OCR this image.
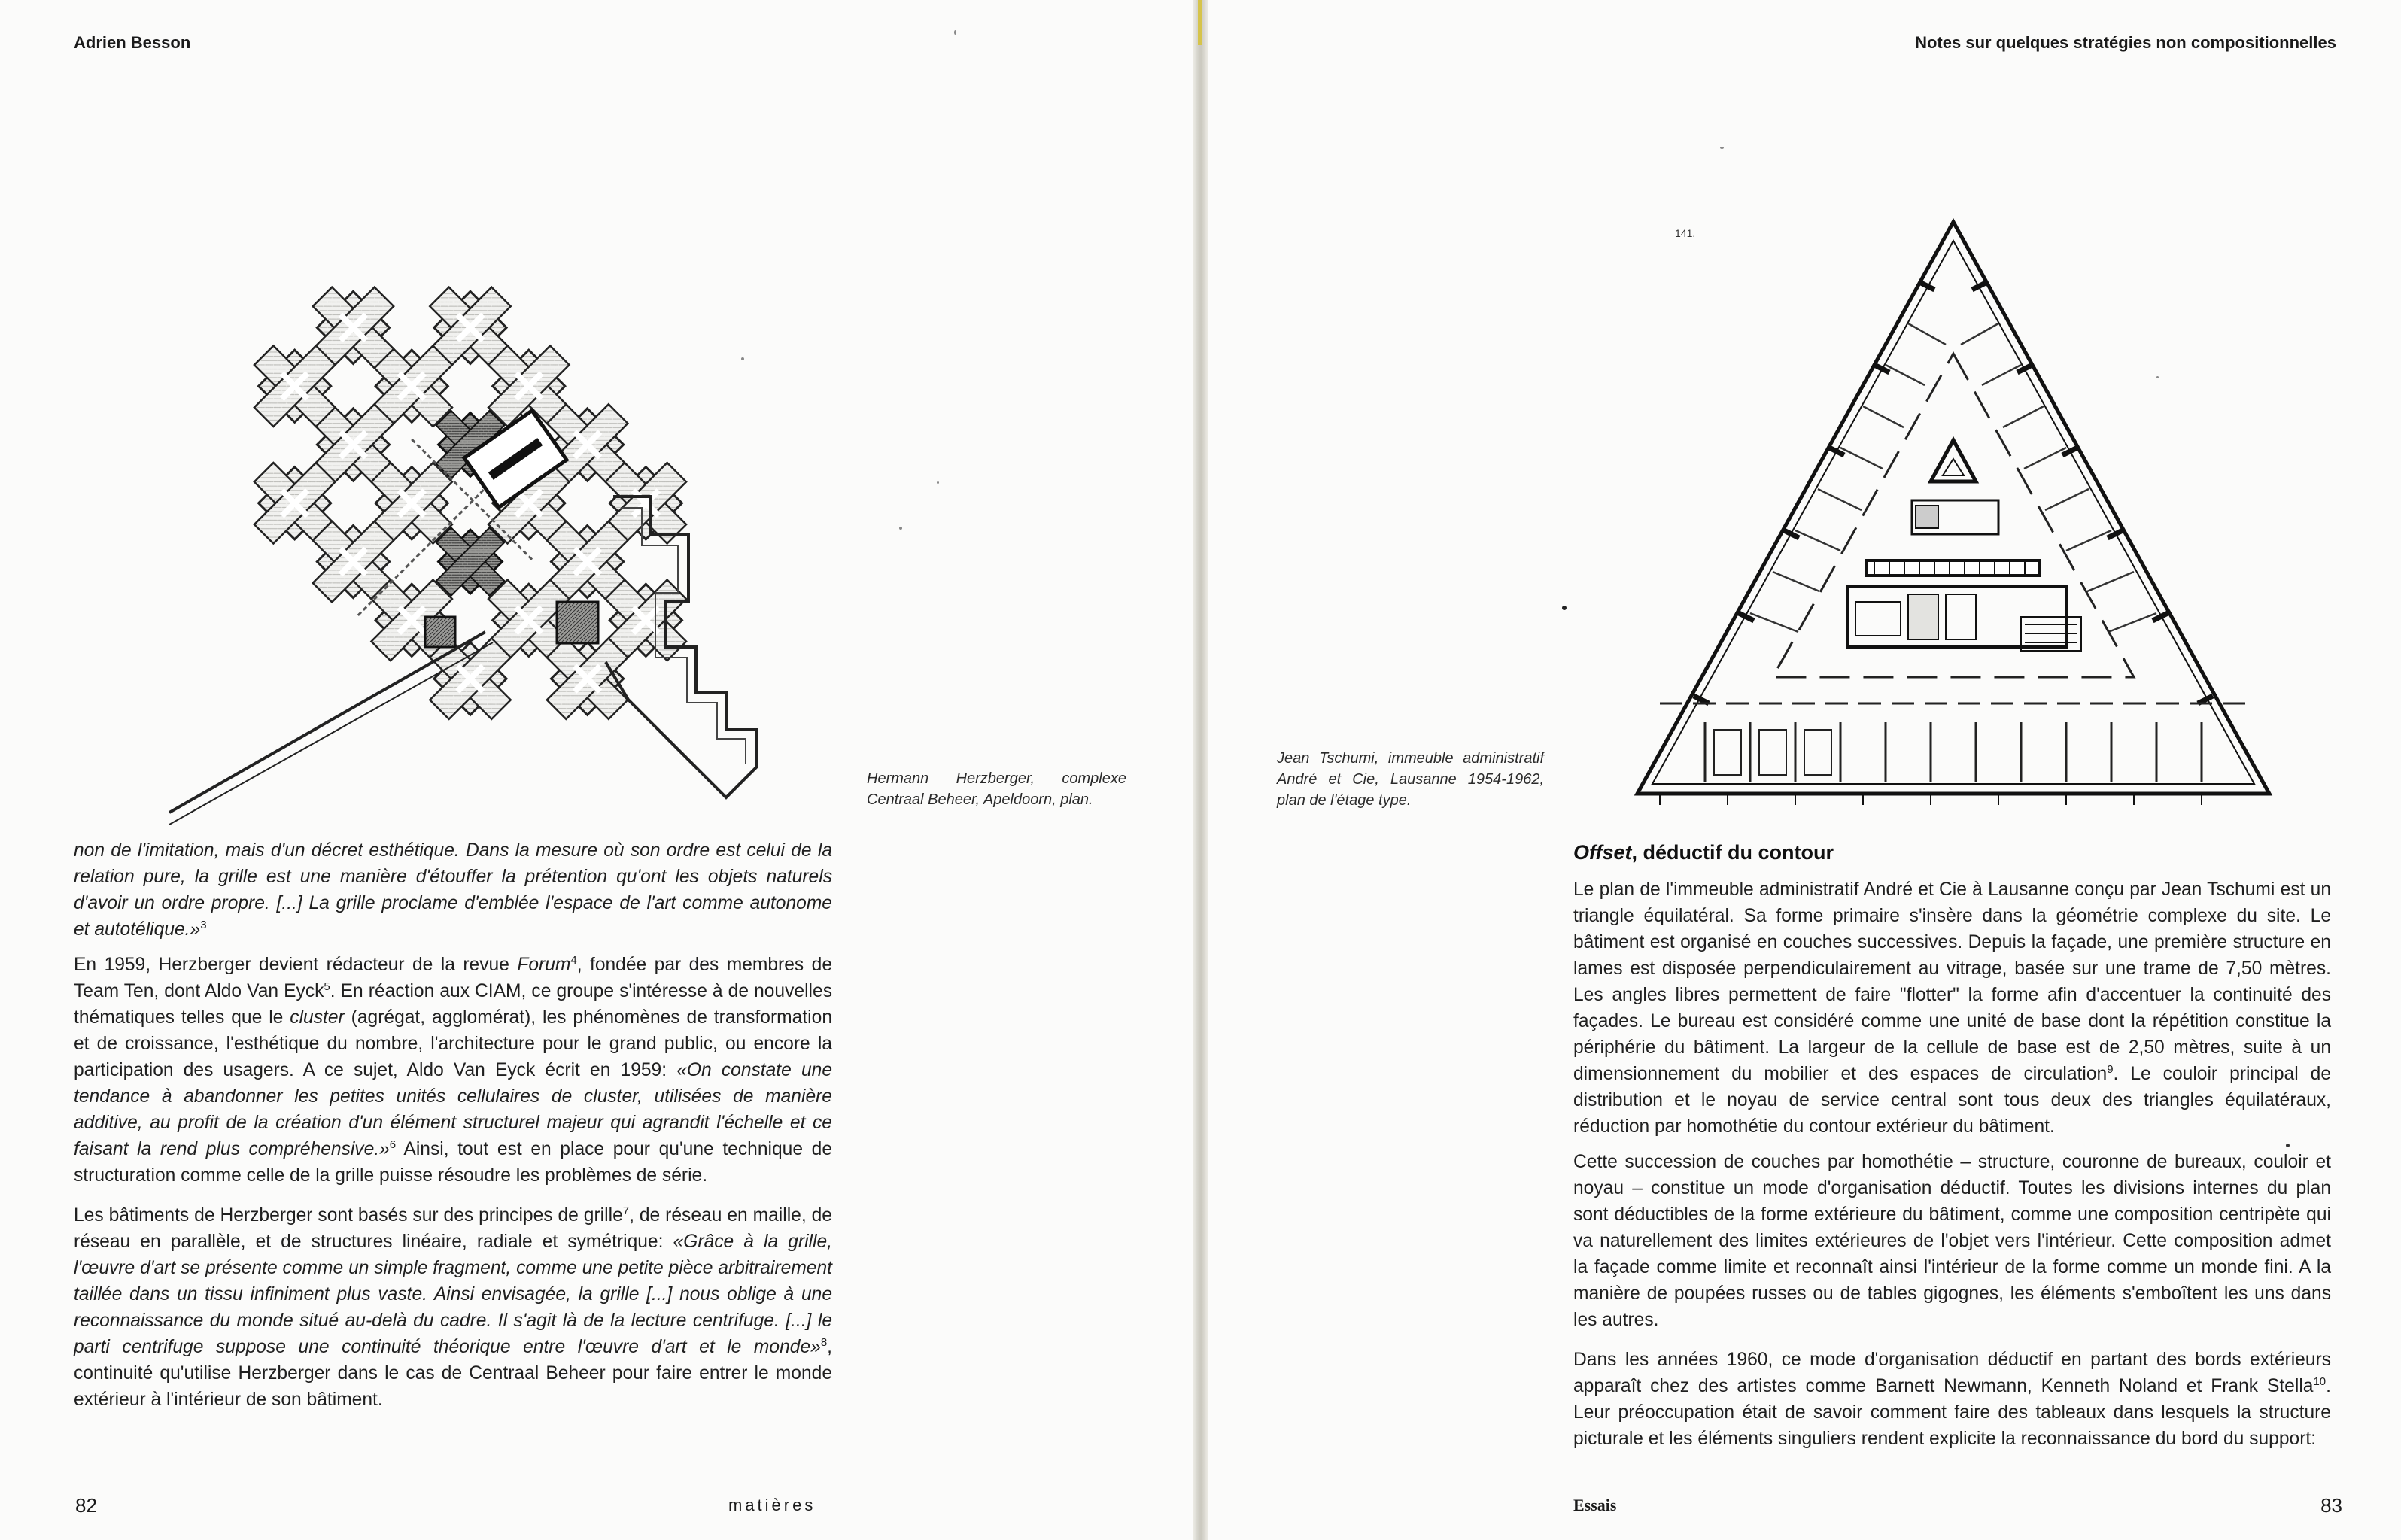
Adrien Besson
Hermann Herzberger, complexe Centraal Beheer, Apeldoorn, plan.

non de l'imitation, mais d'un décret esthétique. Dans la mesure où son ordre est celui de la relation pure, la grille est une manière d'étouffer la prétention qu'ont les objets naturels d'avoir un ordre propre. [...] La grille proclame d'emblée l'espace de l'art comme autonome et autotélique.»$^3$

En 1959, Herzberger devient rédacteur de la revue Forum$^4$, fondée par des membres de Team Ten, dont Aldo Van Eyck$^5$. En réaction aux CIAM, ce groupe s'intéresse à de nouvelles thématiques telles que le cluster (agrégat, agglomérat), les phénomènes de transformation et de croissance, l'esthétique du nombre, l'architecture pour le grand public, ou encore la participation des usagers. A ce sujet, Aldo Van Eyck écrit en 1959: «On constate une tendance à abandonner les petites unités cellulaires de cluster, utilisées de manière additive, au profit de la création d'un élément structurel majeur qui agrandit l'échelle et ce faisant la rend plus compréhensive.»$^6$ Ainsi, tout est en place pour qu'une technique de structuration comme celle de la grille puisse résoudre les problèmes de série.

Les bâtiments de Herzberger sont basés sur des principes de grille$^7$, de réseau en maille, de réseau en parallèle, et de structures linéaire, radiale et symétrique: «Grâce à la grille, l'œuvre d'art se présente comme un simple fragment, comme une petite pièce arbitrairement taillée dans un tissu infiniment plus vaste. Ainsi envisagée, la grille [...] nous oblige à une reconnaissance du monde situé au-delà du cadre. Il s'agit là de la lecture centrifuge. [...] le parti centrifuge suppose une continuité théorique entre l'œuvre d'art et le monde»$^8$, continuité qu'utilise Herzberger dans le cas de Centraal Beheer pour faire entrer le monde extérieur à l'intérieur de son bâtiment.

82	matières
Notes sur quelques stratégies non compositionnelles
141.
Jean Tschumi, immeuble administratif André et Cie, Lausanne 1954-1962, plan de l'étage type.
Offset, déductif du contour

Le plan de l'immeuble administratif André et Cie à Lausanne conçu par Jean Tschumi est un triangle équilatéral. Sa forme primaire s'insère dans la géométrie complexe du site. Le bâtiment est organisé en couches successives. Depuis la façade, une première structure en lames est disposée perpendiculairement au vitrage, basée sur une trame de 7,50 mètres. Les angles libres permettent de faire "flotter" la forme afin d'accentuer la continuité des façades. Le bureau est considéré comme une unité de base dont la répétition constitue la périphérie du bâtiment. La largeur de la cellule de base est de 2,50 mètres, suite à un dimensionnement du mobilier et des espaces de circulation$^9$. Le couloir principal de distribution et le noyau de service central sont tous deux des triangles équilatéraux, réduction par homothétie du contour extérieur du bâtiment.

Cette succession de couches par homothétie – structure, couronne de bureaux, couloir et noyau – constitue un mode d'organisation déductif. Toutes les divisions internes du plan sont déductibles de la forme extérieure du bâtiment, comme une composition centripète qui va naturellement des limites extérieures de l'objet vers l'intérieur. Cette composition admet la façade comme limite et reconnaît ainsi l'intérieur de la forme comme un monde fini. A la manière de poupées russes ou de tables gigognes, les éléments s'emboîtent les uns dans les autres.

Dans les années 1960, ce mode d'organisation déductif en partant des bords extérieurs apparaît chez des artistes comme Barnett Newmann, Kenneth Noland et Frank Stella$^{10}$. Leur préoccupation était de savoir comment faire des tableaux dans lesquels la structure picturale et les éléments singuliers rendent explicite la reconnaissance du bord du support:

Essais	83
